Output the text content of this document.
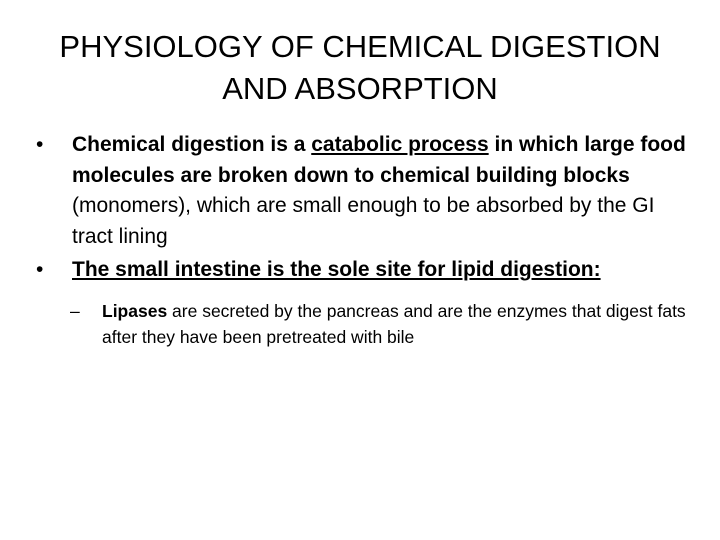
PHYSIOLOGY OF CHEMICAL DIGESTION
AND ABSORPTION
• Chemical digestion is a catabolic process in which large food molecules are broken down to chemical building blocks (monomers), which are small enough to be absorbed by the GI tract lining
• The small intestine is the sole site for lipid digestion:
– Lipases are secreted by the pancreas and are the enzymes that digest fats after they have been pretreated with bile
